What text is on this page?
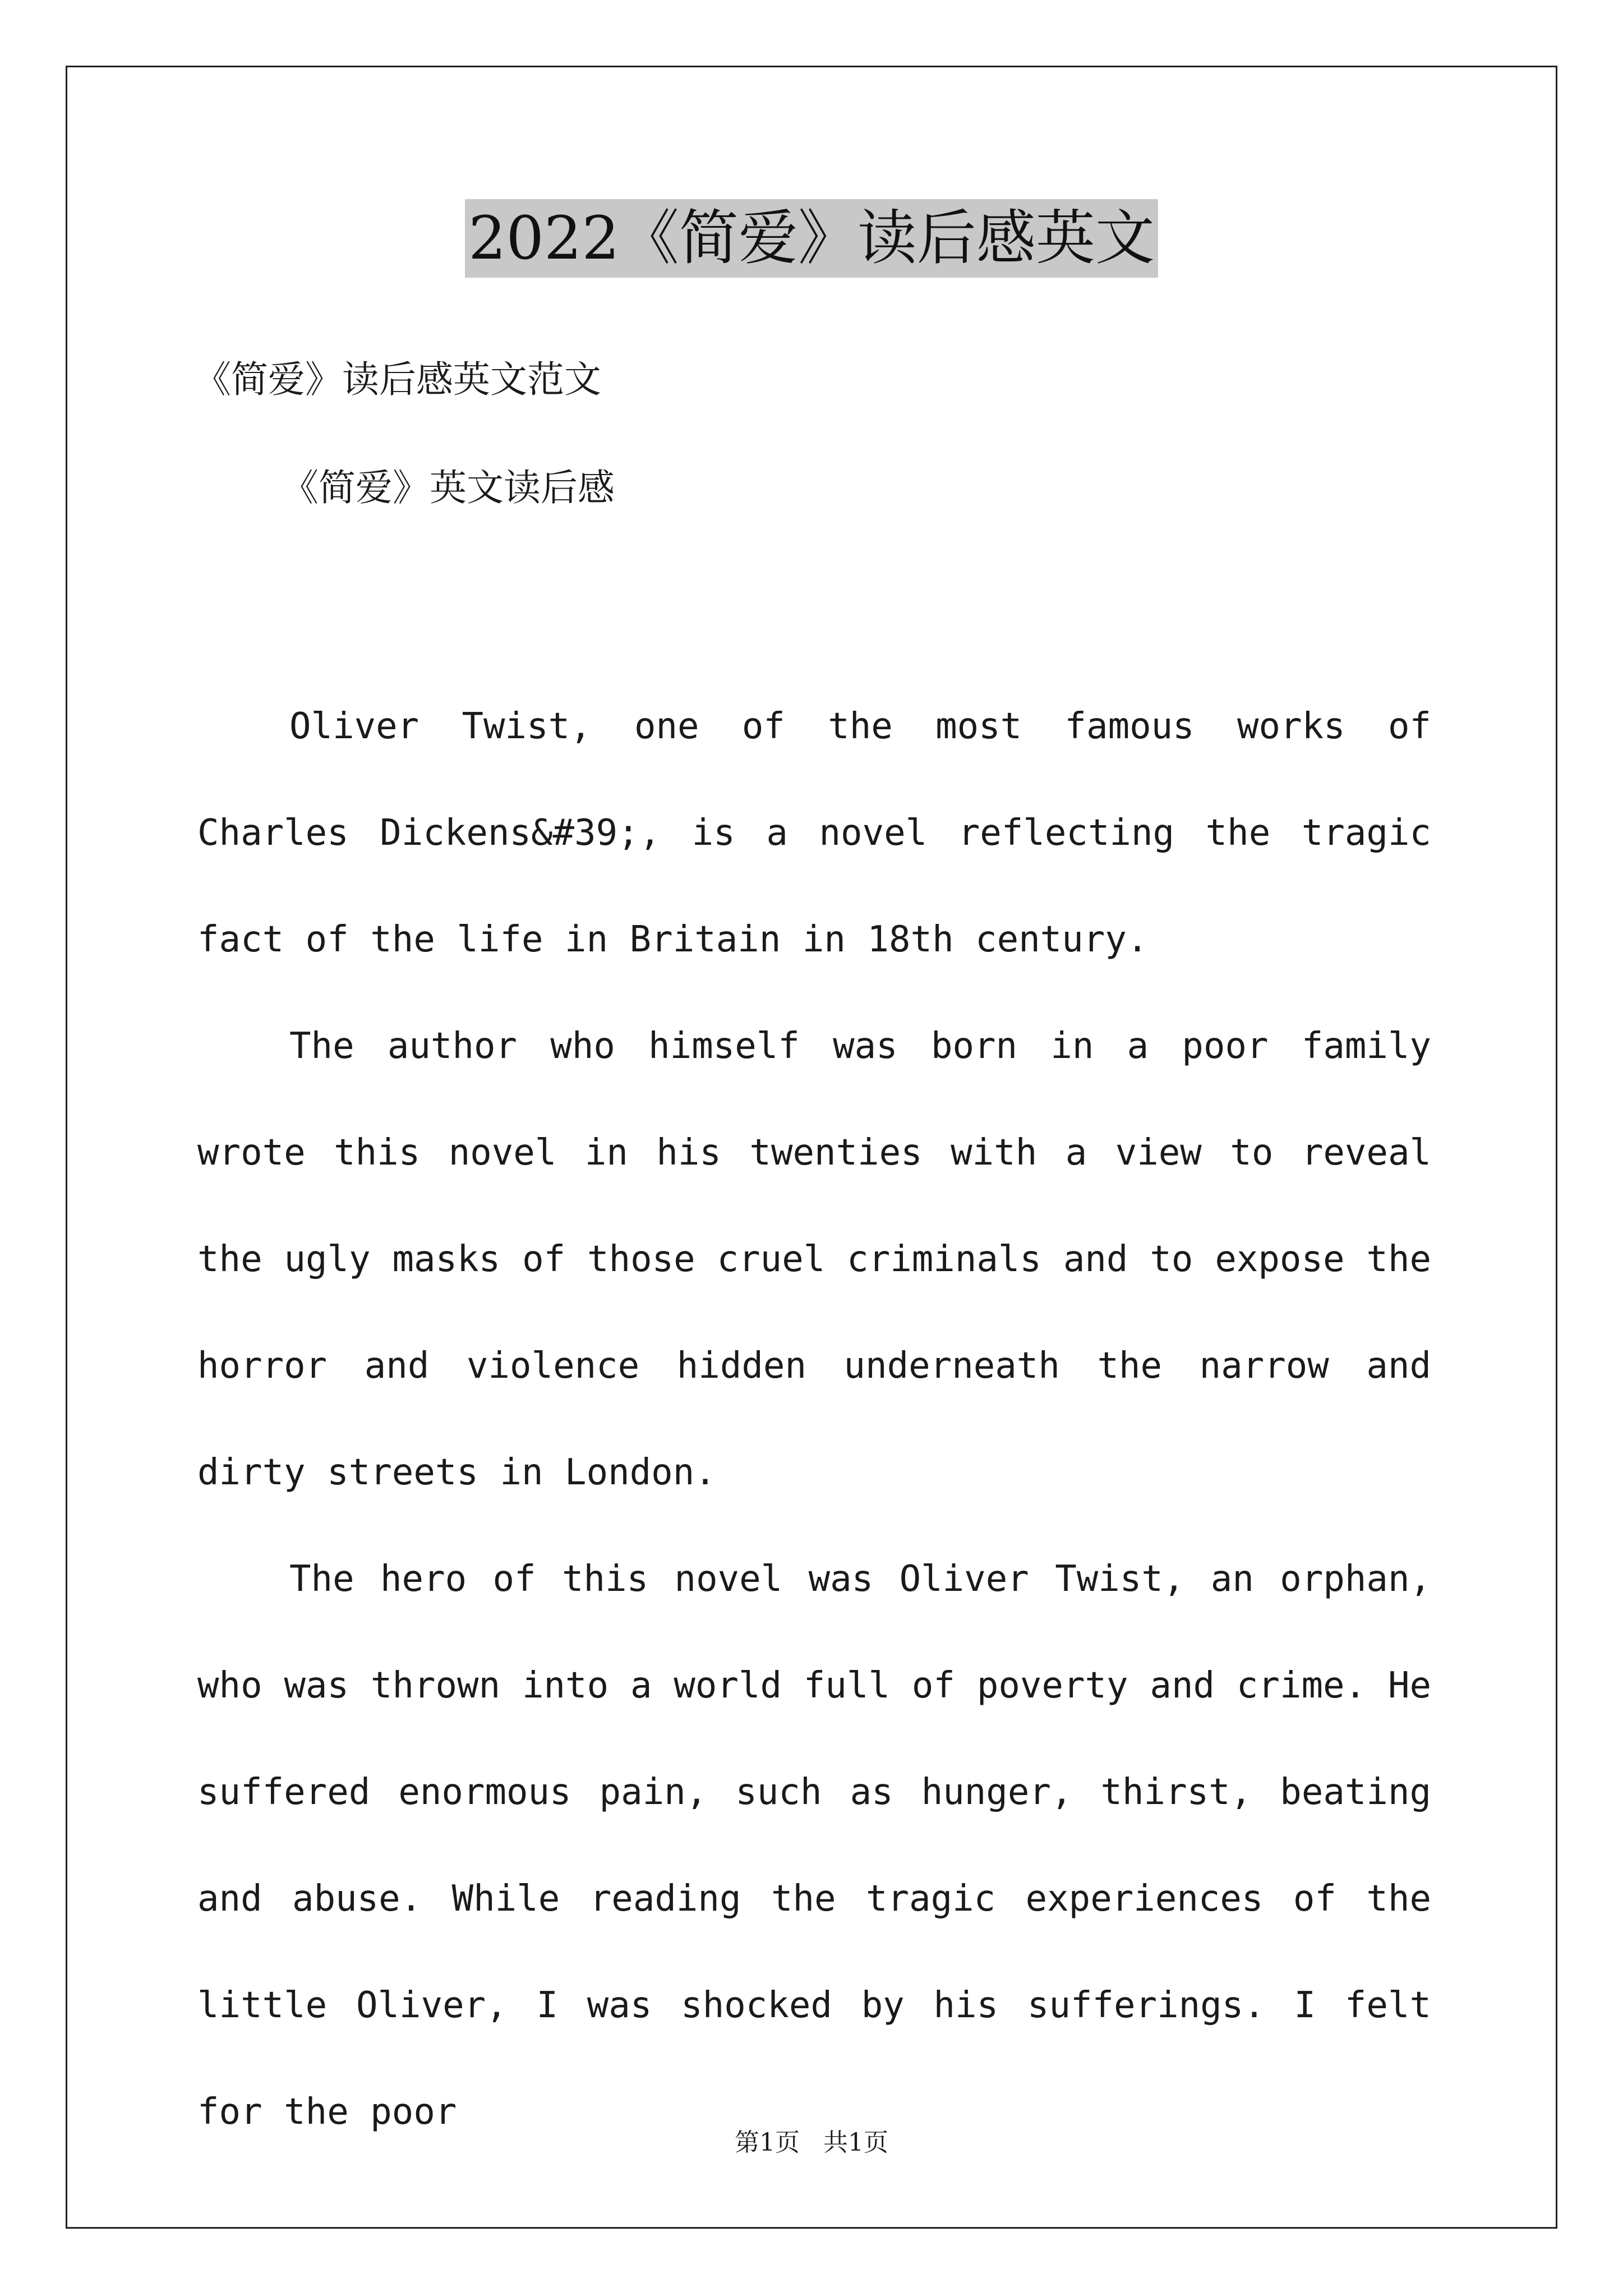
2022《简爱》读后感英文
《简爱》读后感英文范文
《简爱》英文读后感

Oliver Twist, one of the most famous works of Charles Dickens&#39;, is a novel reflecting the tragic fact of the life in Britain in 18th century.

The author who himself was born in a poor family wrote this novel in his twenties with a view to reveal the ugly masks of those cruel criminals and to expose the horror and violence hidden underneath the narrow and dirty streets in London.

The hero of this novel was Oliver Twist, an orphan, who was thrown into a world full of poverty and crime. He suffered enormous pain, such as hunger, thirst, beating and abuse. While reading the tragic experiences of the little Oliver, I was shocked by his sufferings. I felt for the poor

第1页   共1页
